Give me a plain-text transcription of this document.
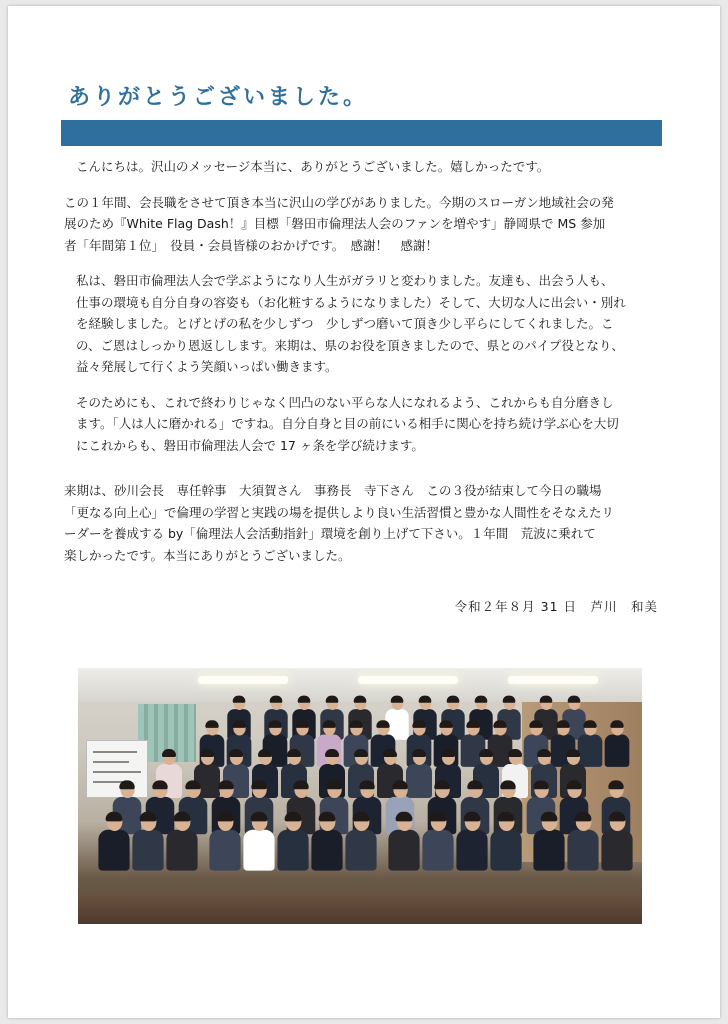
ありがとうございました。

こんにちは。沢山のメッセージ本当に、ありがとうございました。嬉しかったです。

この１年間、会長職をさせて頂き本当に沢山の学びがありました。今期のスローガン地域社会の発
展のため『White Flag Dash！』目標「磐田市倫理法人会のファンを増やす」静岡県で MS 参加
者「年間第１位」　役員・会員皆様のおかげです。　感謝！　感謝！

私は、磐田市倫理法人会で学ぶようになり人生がガラリと変わりました。友達も、出会う人も、
仕事の環境も自分自身の容姿も（お化粧するようになりました）そして、大切な人に出会い・別れ
を経験しました。とげとげの私を少しずつ　少しずつ磨いて頂き少し平らにしてくれました。こ
の、ご恩はしっかり恩返しします。来期は、県のお役を頂きましたので、県とのパイプ役となり、
益々発展して行くよう笑顔いっぱい働きます。

そのためにも、これで終わりじゃなく凹凸のない平らな人になれるよう、これからも自分磨きし
ます。「人は人に磨かれる」ですね。自分自身と目の前にいる相手に関心を持ち続け学ぶ心を大切
にこれからも、磐田市倫理法人会で 17 ヶ条を学び続けます。

来期は、砂川会長　専任幹事　大須賀さん　事務長　寺下さん　この３役が結束して今日の職場
「更なる向上心」で倫理の学習と実践の場を提供しより良い生活習慣と豊かな人間性をそなえたリ
ーダーを養成する by「倫理法人会活動指針」環境を創り上げて下さい。１年間　荒波に乗れて
楽しかったです。本当にありがとうございました。
令和２年８月 31 日　芦川　和美
